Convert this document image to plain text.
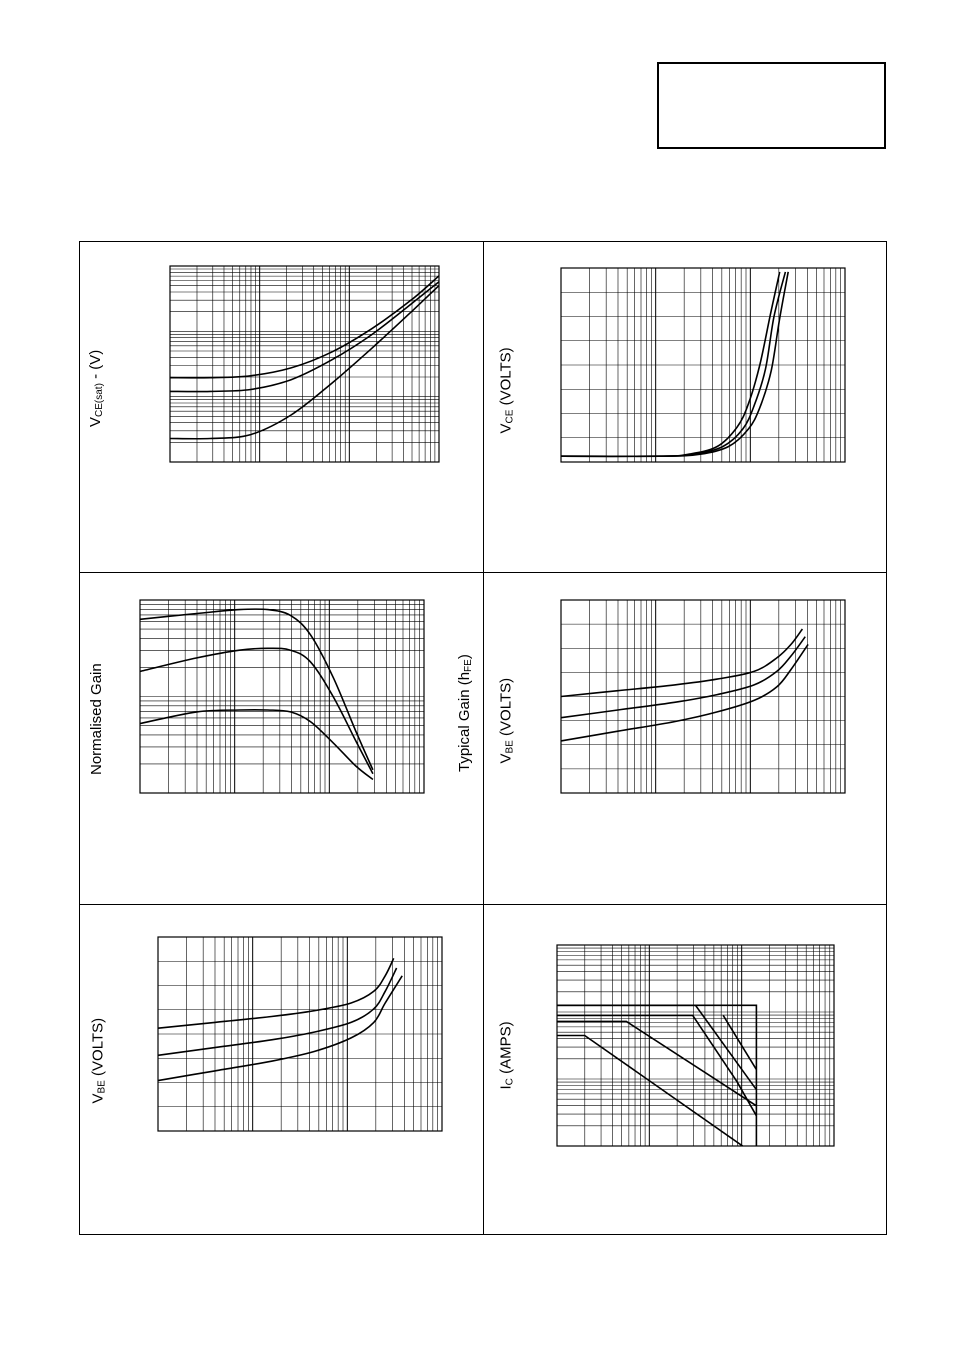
$V_{CE(sat)} - (V)$
$V_{CE}$ (VOLTS)
Normalised Gain	Typical Gain $(h_{FE})$
$V_{BE}$ (VOLTS)
$V_{BE}$ (VOLTS)
$I_C$ (AMPS)
